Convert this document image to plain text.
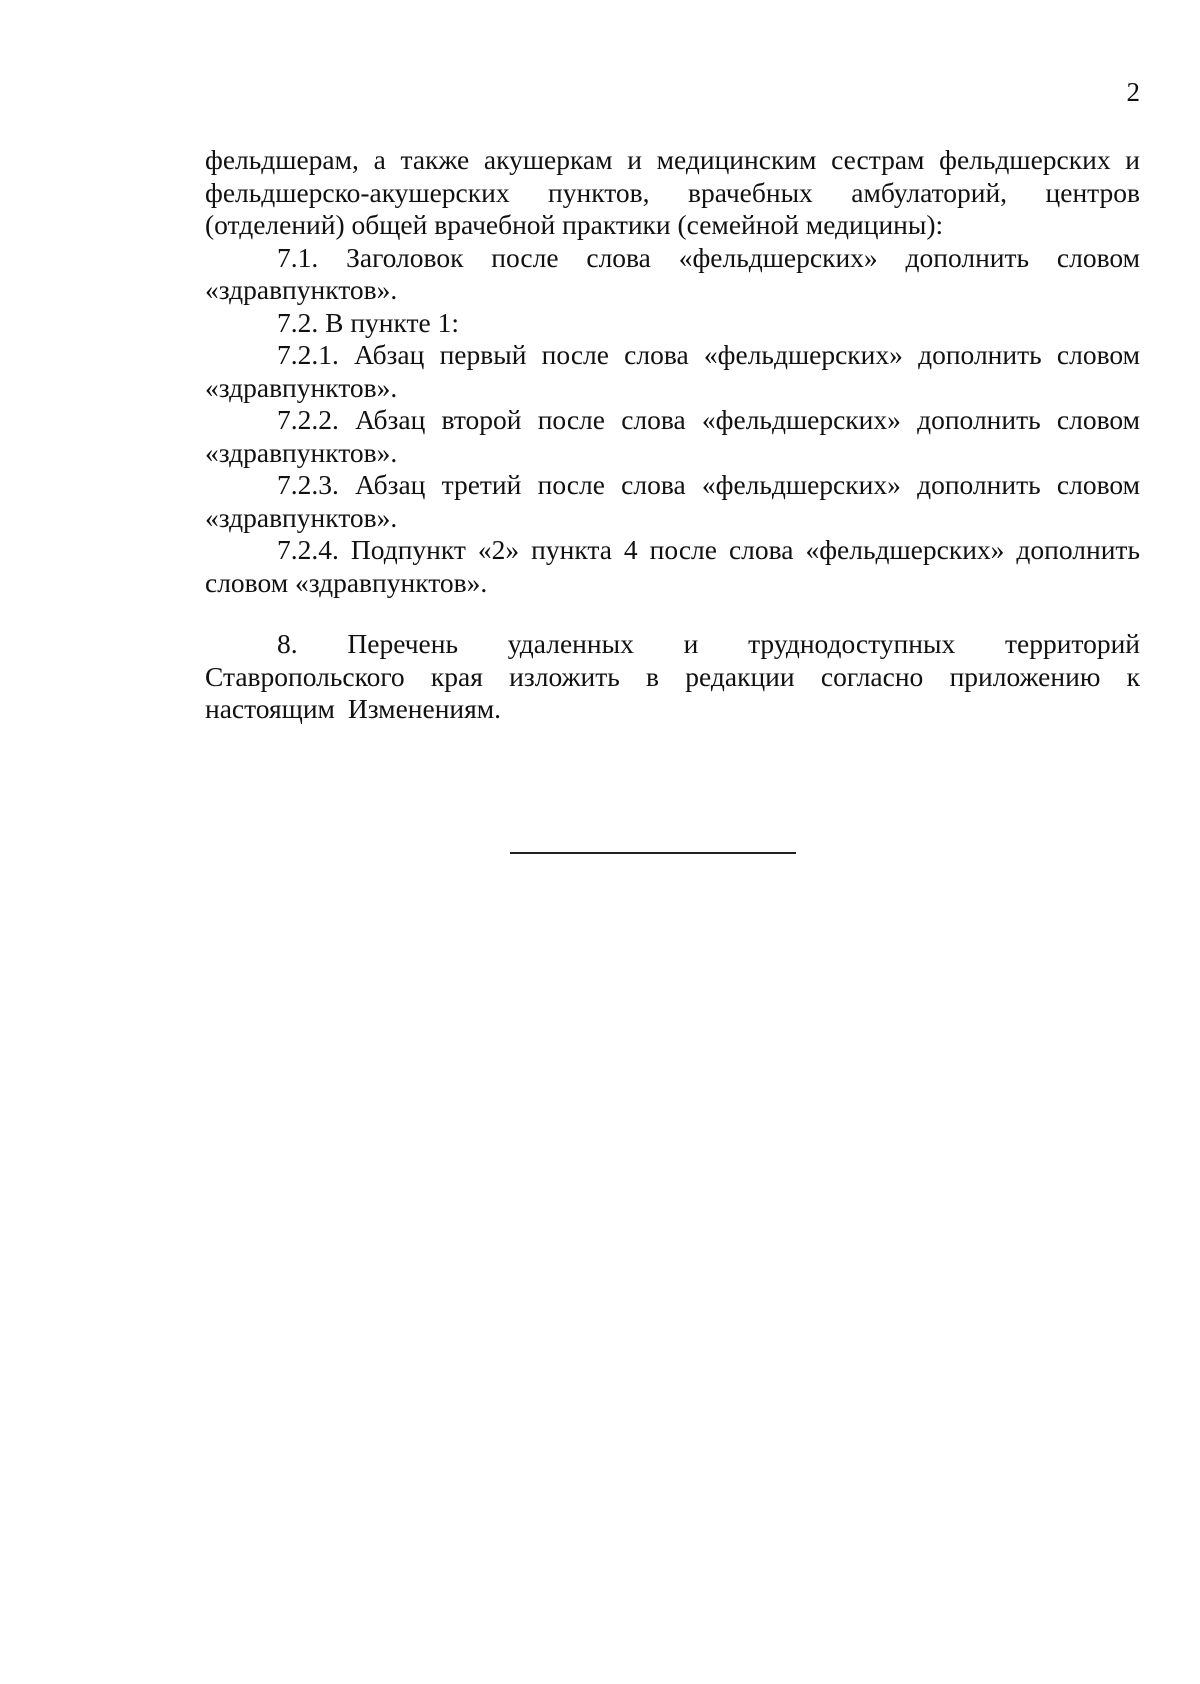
2

фельдшерам, а также акушеркам и медицинским сестрам фельдшерских и фельдшерско-акушерских пунктов, врачебных амбулаторий, центров (отделений) общей врачебной практики (семейной медицины):

7.1. Заголовок после слова «фельдшерских» дополнить словом «здравпунктов».

7.2. В пункте 1:

7.2.1. Абзац первый после слова «фельдшерских» дополнить словом «здравпунктов».

7.2.2. Абзац второй после слова «фельдшерских» дополнить словом «здравпунктов».

7.2.3. Абзац третий после слова «фельдшерских» дополнить словом «здравпунктов».

7.2.4. Подпункт «2» пункта 4 после слова «фельдшерских» дополнить словом «здравпунктов».

8. Перечень удаленных и труднодоступных территорий Ставропольского края изложить в редакции согласно приложению к настоящим Изменениям.
